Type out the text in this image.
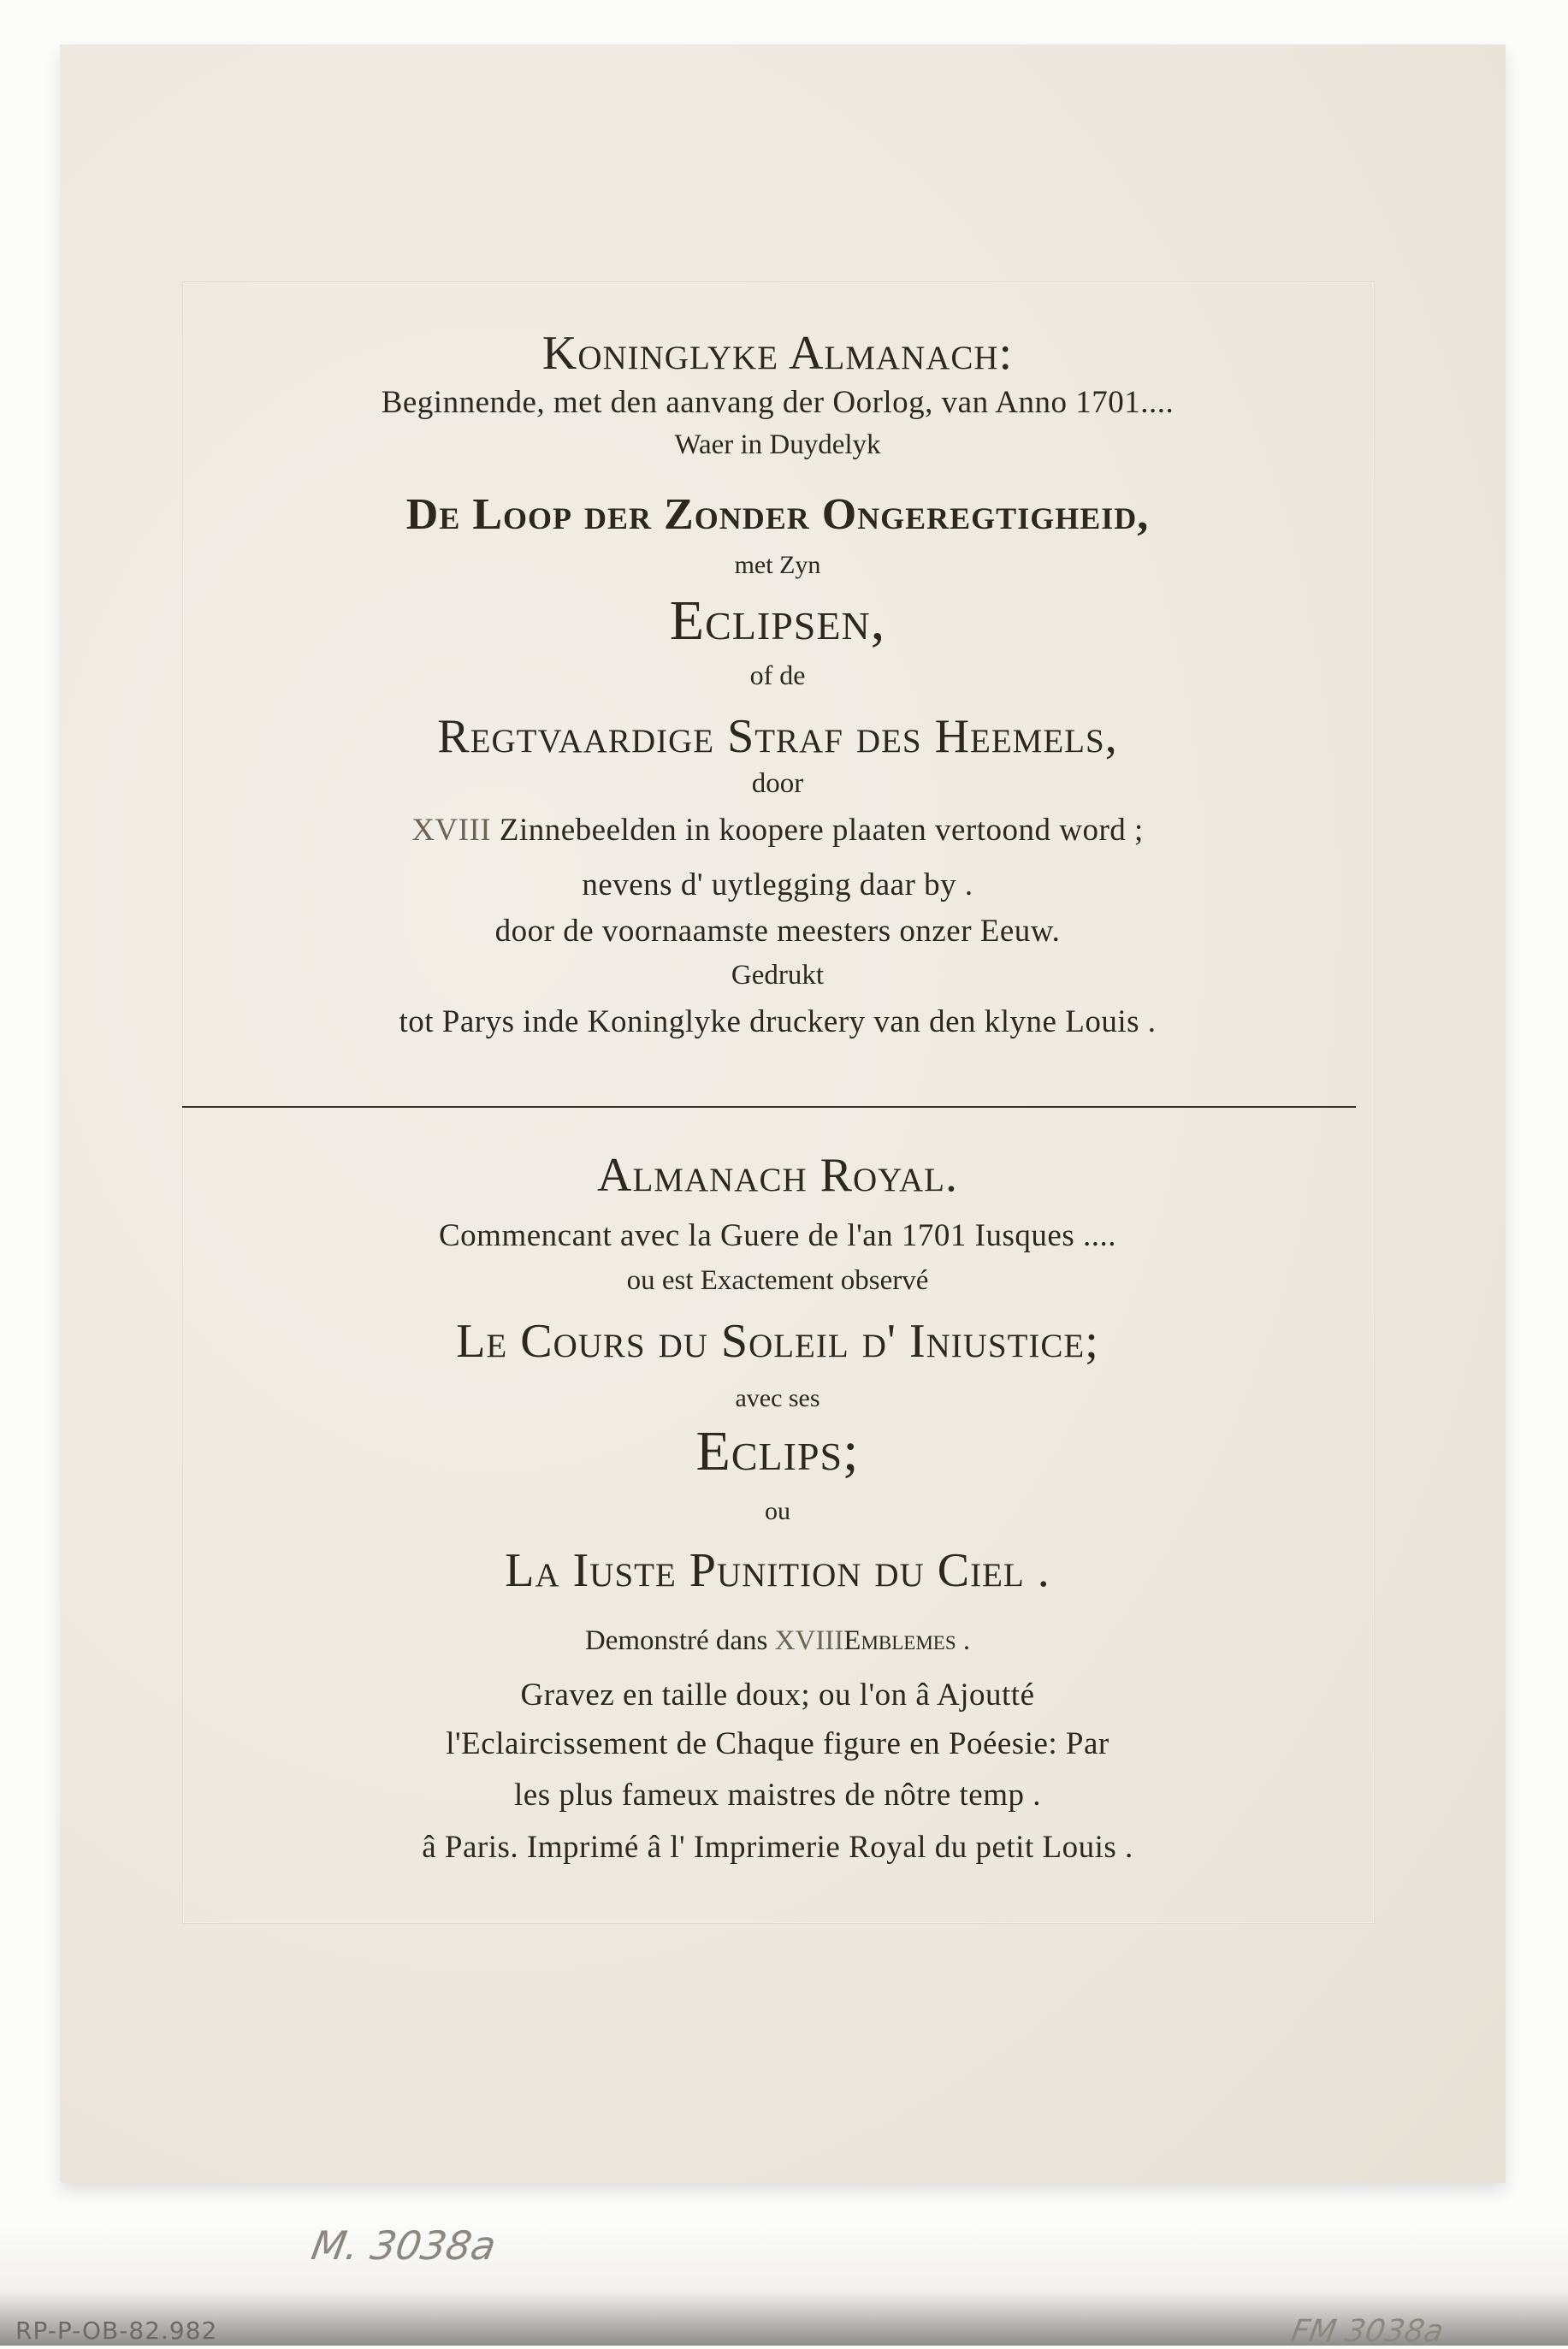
Koninglyke Almanach:
Beginnende, met den aanvang der Oorlog, van Anno 1701....
Waer in Duydelyk
De Loop der Zonder Ongeregtigheid,
met Zyn
Eclipsen,
of de
Regtvaardige Straf des Heemels,
door
XVIII Zinnebeelden in koopere plaaten vertoond word ;
nevens d' uytlegging daar by .
door de voornaamste meesters onzer Eeuw.
Gedrukt
tot Parys inde Koninglyke druckery van den klyne Louis .
Almanach Royal.
Commencant avec la Guere de l'an 1701 Iusques ....
ou est Exactement observé
Le Cours du Soleil d' Iniustice;
avec ses
Eclips;
ou
La Iuste Punition du Ciel .
Demonstré dans XVIIIEmblemes .
Gravez en taille doux; ou l'on â Ajoutté
l'Eclaircissement de Chaque figure en Poéesie: Par
les plus fameux maistres de nôtre temp .
â Paris. Imprimé â l' Imprimerie Royal du petit Louis .
M. 3038a
RP-P-OB-82.982	FM 3038a
